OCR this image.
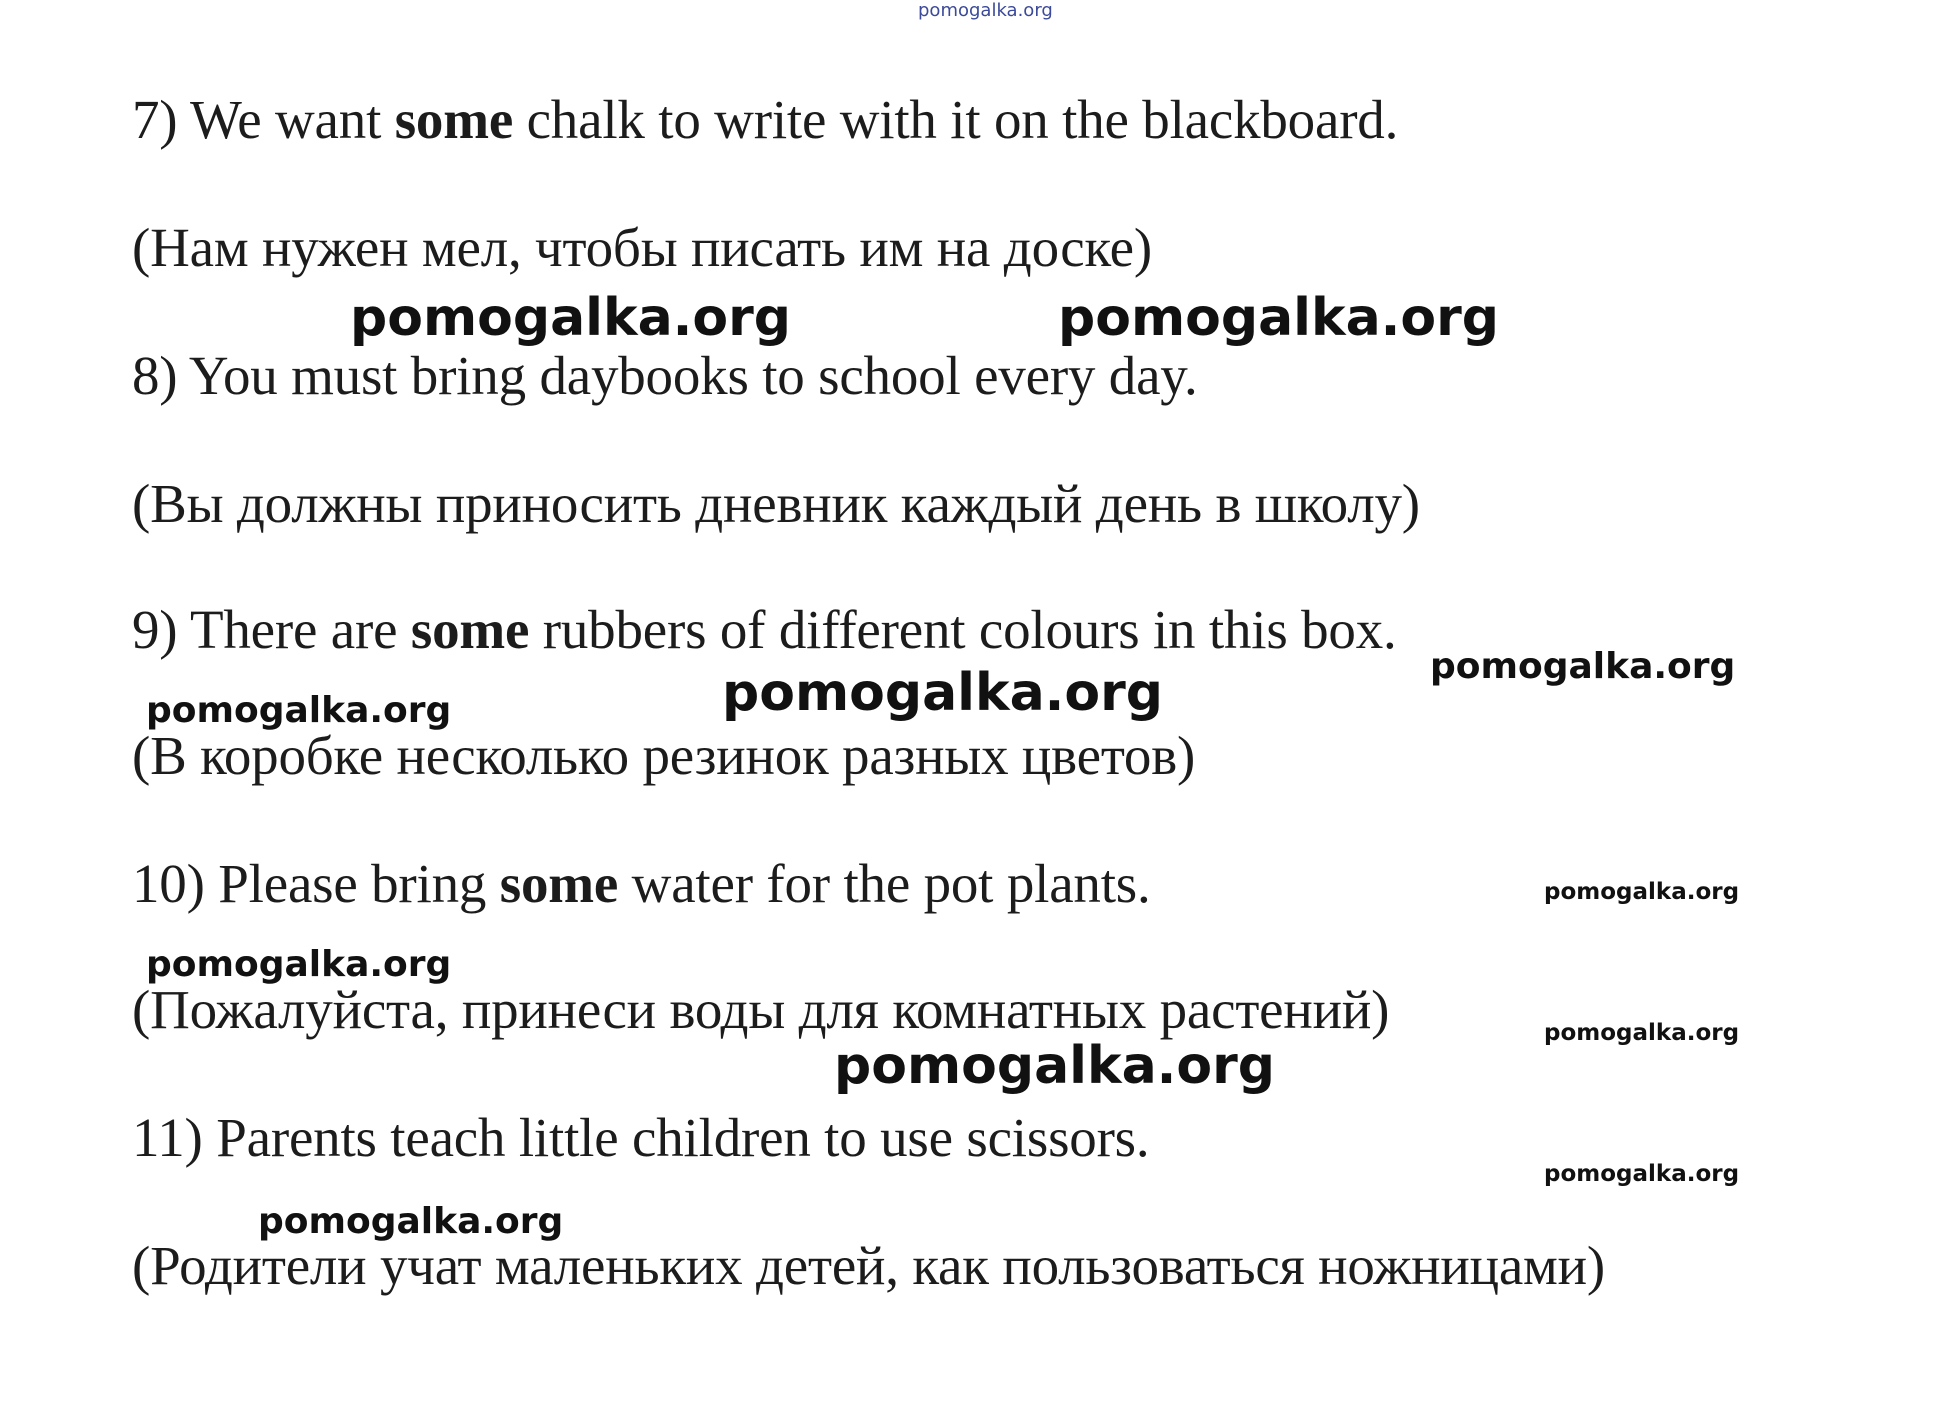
pomogalka.org
7) We want some chalk to write with it on the blackboard.
(Нам нужен мел, чтобы писать им на доске)
pomogalka.org	pomogalka.org
8) You must bring daybooks to school every day.
(Вы должны приносить дневник каждый день в школу)
9) There are some rubbers of different colours in this box.
pomogalka.org
pomogalka.org
pomogalka.org
(В коробке несколько резинок разных цветов)
10) Please bring some water for the pot plants.	pomogalka.org
pomogalka.org
(Пожалуйста, принеси воды для комнатных растений)	pomogalka.org
pomogalka.org
11) Parents teach little children to use scissors.
pomogalka.org
pomogalka.org
(Родители учат маленьких детей, как пользоваться ножницами)
